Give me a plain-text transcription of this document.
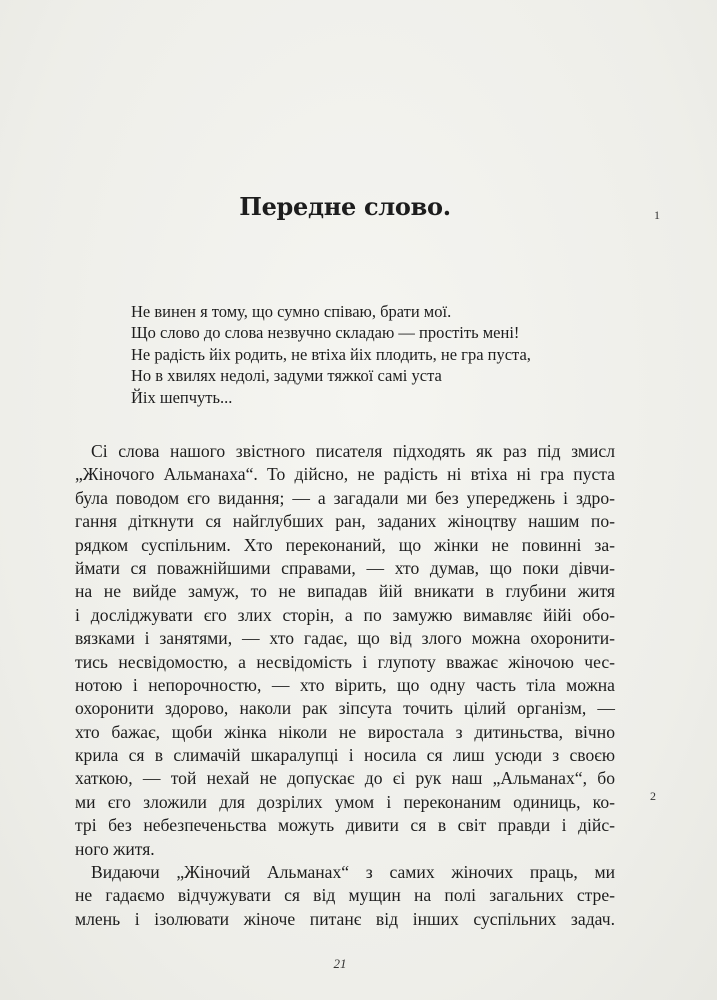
Передне слово.	1
2
Не винен я тому, що сумно співаю, брати мої.
Що слово до слова незвучно складаю — простіть мені!
Не радість йіх родить, не втіха йіх плодить, не гра пуста,
Но в хвилях недолі, задуми тяжкої самі уста
Йіх шепчуть...
Сі слова нашого звістного писателя підходять як раз під змисл
„Жіночого Альманаха“. То дійсно, не радість ні втіха ні гра пуста
була поводом єго видання; — а загадали ми без упереджень і здро-
гання діткнути ся найглубших ран, заданих жіноцтву нашим по-
рядком суспільним. Хто переконаний, що жінки не повинні за-
ймати ся поважнійшими справами, — хто думав, що поки дівчи-
на не вийде замуж, то не випадав йій вникати в глубини житя
і досліджувати єго злих сторін, а по замужю вимавляє йійі обо-
вязками і занятями, — хто гадає, що від злого можна охоронити-
тись несвідомостю, а несвідомість і глупоту вважає жіночою чес-
нотою і непорочностю, — хто вірить, що одну часть тіла можна
охоронити здорово, наколи рак зіпсута точить цілий організм, —
хто бажає, щоби жінка ніколи не виростала з дитиньства, вічно
крила ся в слимачій шкаралупці і носила ся лиш усюди з своєю
хаткою, — той нехай не допускає до єі рук наш „Альманах“, бо
ми єго зложили для дозрілих умом і переконаним одиниць, ко-
трі без небезпеченьства можуть дивити ся в світ правди і дійс-
ного житя.
Видаючи „Жіночий Альманах“ з самих жіночих праць, ми
не гадаємо відчужувати ся від мущин на полі загальних стре-
млень і ізолювати жіноче питанє від інших суспільних задач.
21
